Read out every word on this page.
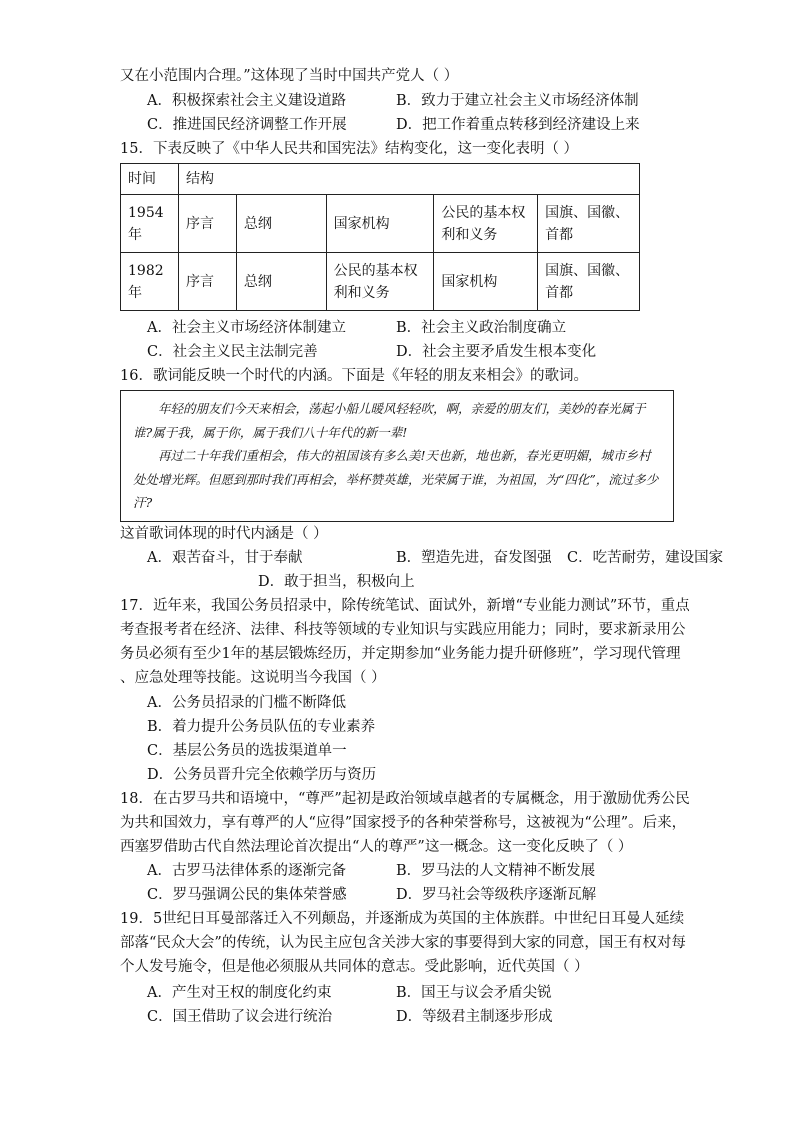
又在小范围内合理。”这体现了当时中国共产党人（ ）
A．积极探索社会主义建设道路	B．致力于建立社会主义市场经济体制
C．推进国民经济调整工作开展	D．把工作着重点转移到经济建设上来
15．下表反映了《中华人民共和国宪法》结构变化，这一变化表明（ ）
时间	结构				
1954年	序言	总纲	国家机构	公民的基本权利和义务	国旗、国徽、首都
1982年	序言	总纲	公民的基本权利和义务	国家机构	国旗、国徽、首都
A．社会主义市场经济体制建立	B．社会主义政治制度确立
C．社会主义民主法制完善	D．社会主要矛盾发生根本变化
16．歌词能反映一个时代的内涵。下面是《年轻的朋友来相会》的歌词。

年轻的朋友们今天来相会，荡起小船儿暖风轻轻吹，啊，亲爱的朋友们，美妙的春光属于谁?属于我，属于你，属于我们八十年代的新一辈!

再过二十年我们重相会，伟大的祖国该有多么美!天也新，地也新，春光更明媚，城市乡村处处增光辉。但愿到那时我们再相会，举杯赞英雄，光荣属于谁，为祖国，为“四化”，流过多少汗?

这首歌词体现的时代内涵是（ ）
A．艰苦奋斗，甘于奉献	B．塑造先进，奋发图强 C．吃苦耐劳，建设国家
D．敢于担当，积极向上
17．近年来，我国公务员招录中，除传统笔试、面试外，新增“专业能力测试”环节，重点
考查报考者在经济、法律、科技等领域的专业知识与实践应用能力；同时，要求新录用公
务员必须有至少1年的基层锻炼经历，并定期参加“业务能力提升研修班”，学习现代管理
、应急处理等技能。这说明当今我国（ ）
A．公务员招录的门槛不断降低
B．着力提升公务员队伍的专业素养
C．基层公务员的选拔渠道单一
D．公务员晋升完全依赖学历与资历
18．在古罗马共和语境中，“尊严”起初是政治领域卓越者的专属概念，用于激励优秀公民
为共和国效力，享有尊严的人“应得”国家授予的各种荣誉称号，这被视为“公理”。后来，
西塞罗借助古代自然法理论首次提出“人的尊严”这一概念。这一变化反映了（ ）
A．古罗马法律体系的逐渐完备	B．罗马法的人文精神不断发展
C．罗马强调公民的集体荣誉感	D．罗马社会等级秩序逐渐瓦解
19．5世纪日耳曼部落迁入不列颠岛，并逐渐成为英国的主体族群。中世纪日耳曼人延续
部落“民众大会”的传统，认为民主应包含关涉大家的事要得到大家的同意，国王有权对每
个人发号施令，但是他必须服从共同体的意志。受此影响，近代英国（ ）
A．产生对王权的制度化约束	B．国王与议会矛盾尖锐
C．国王借助了议会进行统治	D．等级君主制逐步形成
